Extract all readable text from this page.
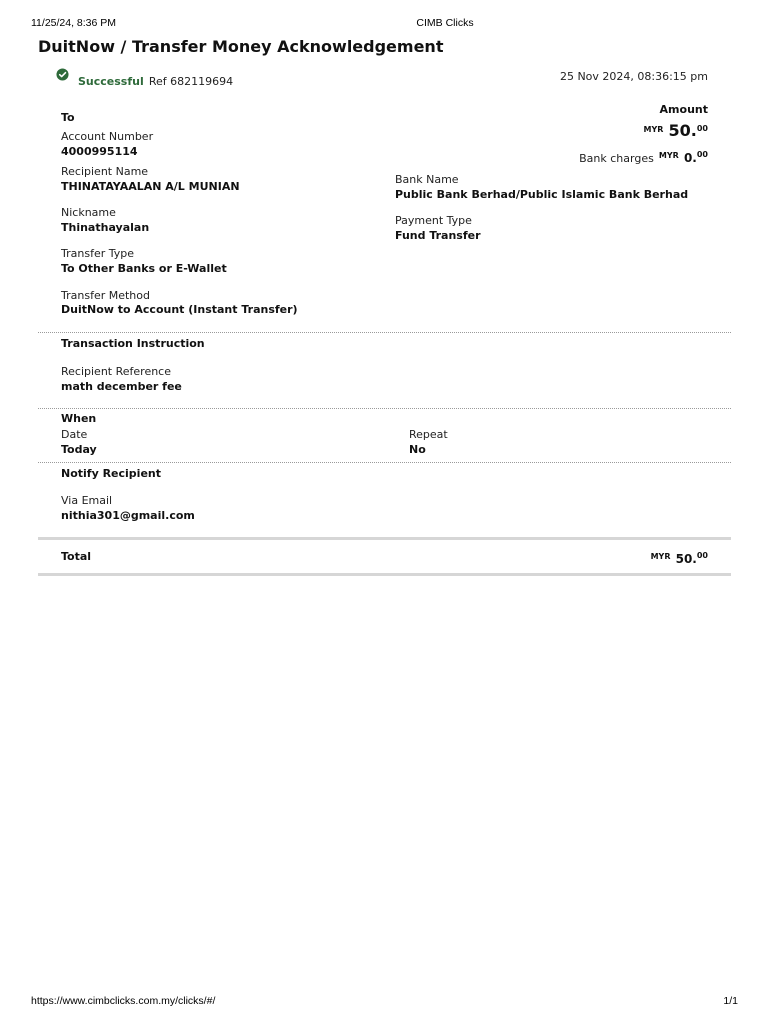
11/25/24, 8:36 PM	CIMB Clicks
DuitNow / Transfer Money Acknowledgement
Successful Ref 682119694	25 Nov 2024, 08:36:15 pm
Amount
$^{MYR}$ 50.00
Bank charges $^{MYR}$ 0.00
To
Account Number
4000995114
Recipient Name
THINATAYAALAN A/L MUNIAN
Nickname
Thinathayalan
Transfer Type
To Other Banks or E-Wallet
Transfer Method
DuitNow to Account (Instant Transfer)
Bank Name
Public Bank Berhad/Public Islamic Bank Berhad
Payment Type
Fund Transfer
Transaction Instruction
Recipient Reference
math december fee
When
Date
Today
Repeat
No
Notify Recipient
Via Email
nithia301@gmail.com
Total	$^{MYR}$ 50.00
https://www.cimbclicks.com.my/clicks/#/	1/1
